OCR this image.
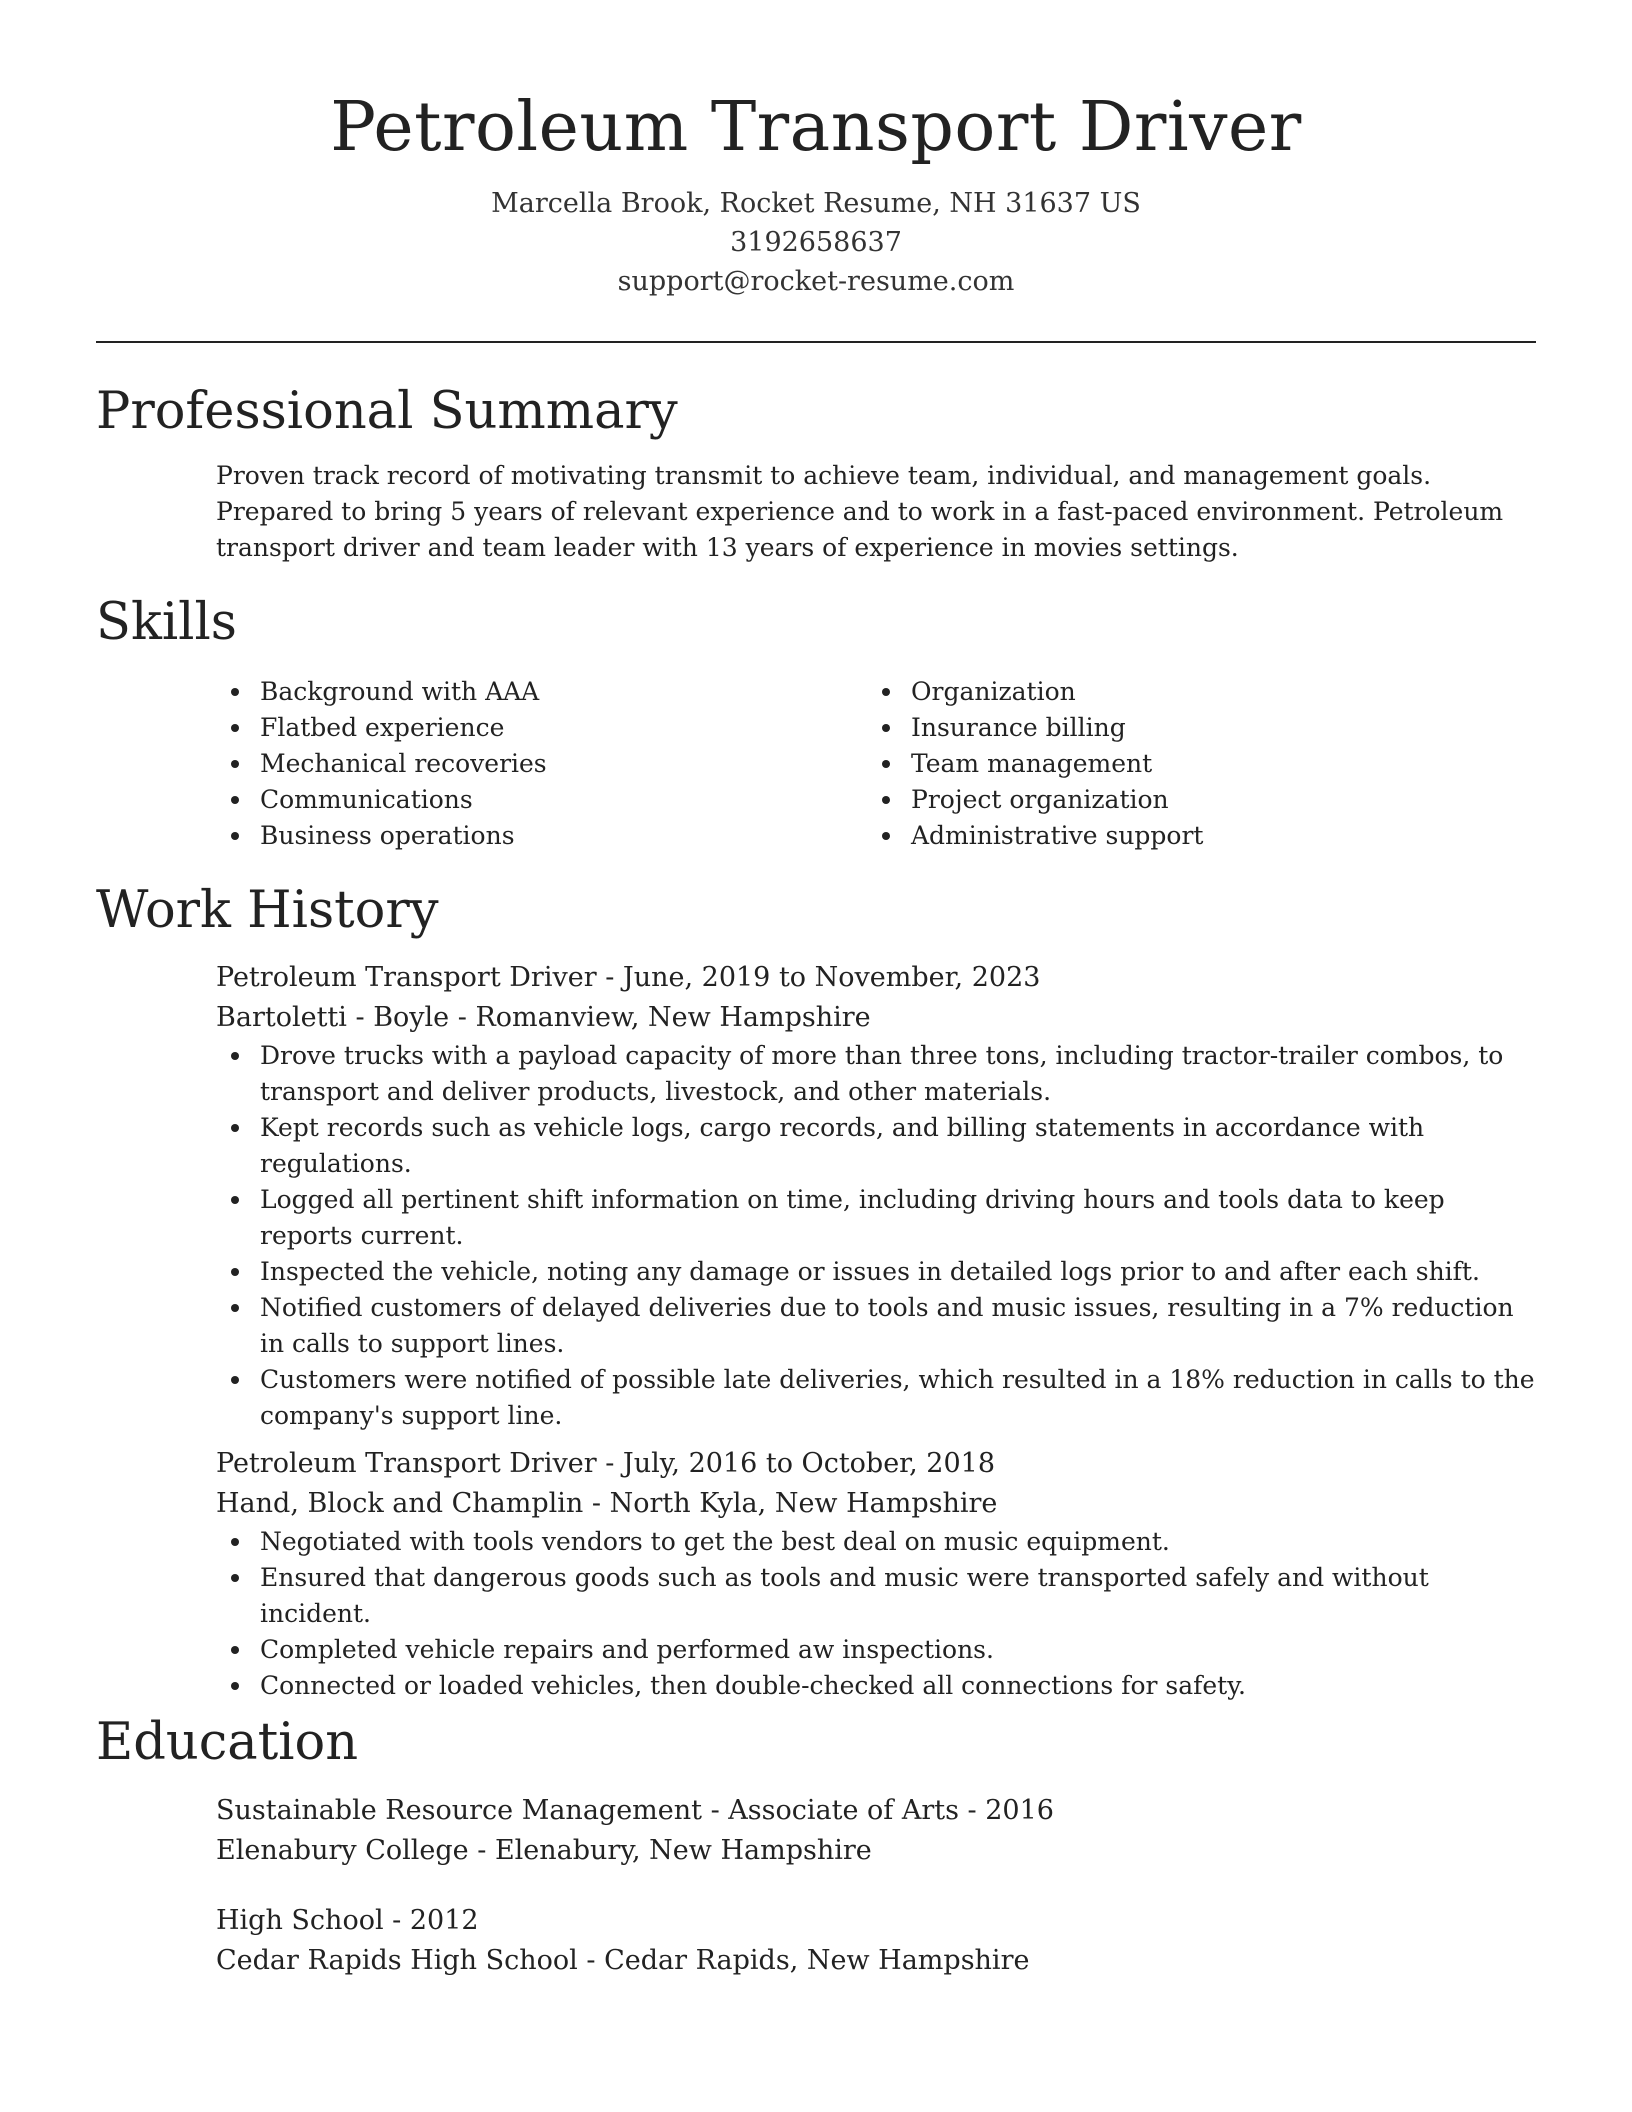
Petroleum Transport Driver
Marcella Brook, Rocket Resume, NH 31637 US
3192658637
support@rocket-resume.com
Professional Summary

Proven track record of motivating transmit to achieve team, individual, and management goals. Prepared to bring 5 years of relevant experience and to work in a fast-paced environment. Petroleum transport driver and team leader with 13 years of experience in movies settings.

Skills
Background with AAA
Flatbed experience
Mechanical recoveries
Communications
Business operations
Organization
Insurance billing
Team management
Project organization
Administrative support
Work History
Petroleum Transport Driver - June, 2019 to November, 2023
Bartoletti - Boyle - Romanview, New Hampshire
Drove trucks with a payload capacity of more than three tons, including tractor-trailer combos, to transport and deliver products, livestock, and other materials.
Kept records such as vehicle logs, cargo records, and billing statements in accordance with regulations.
Logged all pertinent shift information on time, including driving hours and tools data to keep reports current.
Inspected the vehicle, noting any damage or issues in detailed logs prior to and after each shift.
Notified customers of delayed deliveries due to tools and music issues, resulting in a 7% reduction in calls to support lines.
Customers were notified of possible late deliveries, which resulted in a 18% reduction in calls to the company's support line.
Petroleum Transport Driver - July, 2016 to October, 2018
Hand, Block and Champlin - North Kyla, New Hampshire
Negotiated with tools vendors to get the best deal on music equipment.
Ensured that dangerous goods such as tools and music were transported safely and without incident.
Completed vehicle repairs and performed aw inspections.
Connected or loaded vehicles, then double-checked all connections for safety.
Education
Sustainable Resource Management - Associate of Arts - 2016
Elenabury College - Elenabury, New Hampshire
High School - 2012
Cedar Rapids High School - Cedar Rapids, New Hampshire
